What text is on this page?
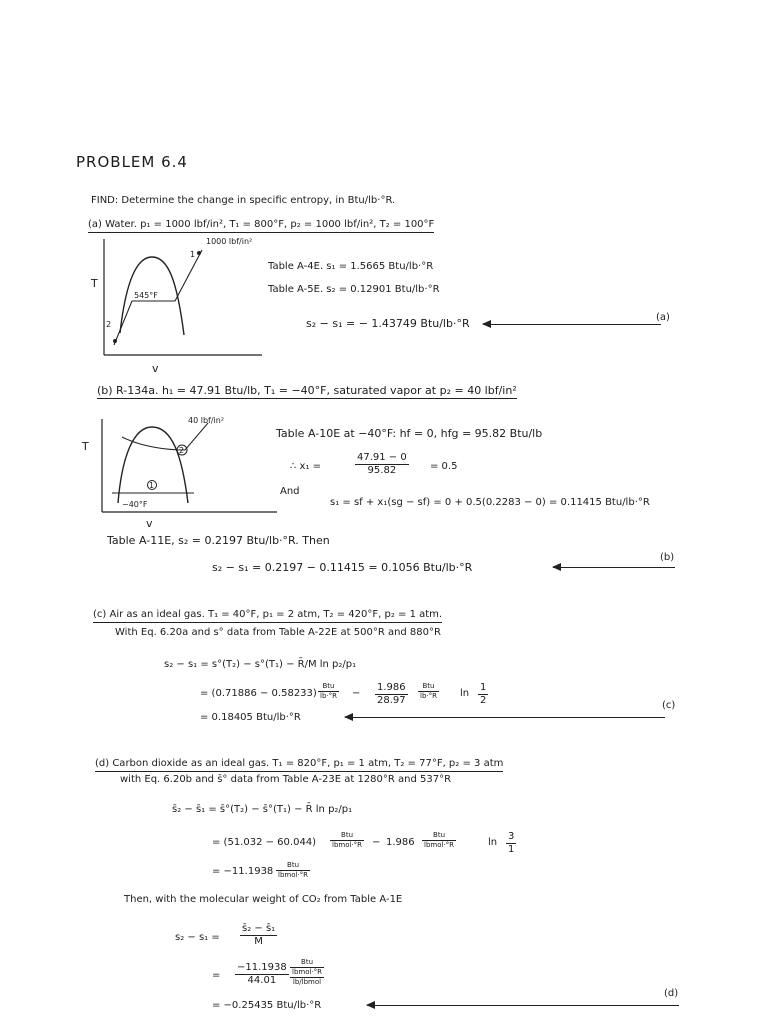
PROBLEM 6.4
FIND: Determine the change in specific entropy, in Btu/lb·°R.
(a) Water. p₁ = 1000 lbf/in², T₁ = 800°F, p₂ = 1000 lbf/in², T₂ = 100°F
T
v
1000 lbf/in²
545°F
1
2
Table A-4E. s₁ = 1.5665 Btu/lb·°R
Table A-5E. s₂ = 0.12901 Btu/lb·°R
s₂ − s₁ = − 1.43749 Btu/lb·°R	(a)
(b) R-134a. h₁ = 47.91 Btu/lb, T₁ = −40°F, saturated vapor at p₂ = 40 lbf/in²
T
v
40 lbf/in²
−40°F
2
1
Table A-10E at −40°F: hf = 0, hfg = 95.82 Btu/lb
∴ x₁ =	$\frac{47.91 - 0}{95.82} = 0.5$
And
s₁ = sf + x₁(sg − sf) = 0 + 0.5(0.2283 − 0) = 0.11415 Btu/lb·°R
Table A-11E, s₂ = 0.2197 Btu/lb·°R. Then
s₂ − s₁ = 0.2197 − 0.11415 = 0.1056 Btu/lb·°R
(b)
(c) Air as an ideal gas. T₁ = 40°F, p₁ = 2 atm, T₂ = 420°F, p₂ = 1 atm.
With Eq. 6.20a and s° data from Table A-22E at 500°R and 880°R
s₂ − s₁ = s°(T₂) − s°(T₁) − R̄/M ln p₂/p₁
= (0.71886 − 0.58233)
Btu
$lb\cdot^\circ R - \frac{1.986}{28.97}$	Btu
lb·°R $\ln \frac{1}{2}$
= 0.18405 Btu/lb·°R
(c)
(d) Carbon dioxide as an ideal gas. T₁ = 820°F, p₁ = 1 atm, T₂ = 77°F, p₂ = 3 atm
with Eq. 6.20b and s̄° data from Table A-23E at 1280°R and 537°R
s̄₂ − s̄₁ = s̄°(T₂) − s̄°(T₁) − R̄ ln p₂/p₁
= (51.032 − 60.044)
Btu
lbmol·°R − 1.986
Btu
lbmol·°R	$\ln \frac{3}{1}$
= −11.1938
Btu
lbmol·°R
Then, with the molecular weight of CO₂ from Table A-1E
$s_2 - s_1 = \frac{\text{s̄₂ − s̄₁}}{M}$
= $\frac{-11.1938}{44.01}$	Btu
lbmol·°R
lb/lbmol
= −0.25435 Btu/lb·°R
(d)
